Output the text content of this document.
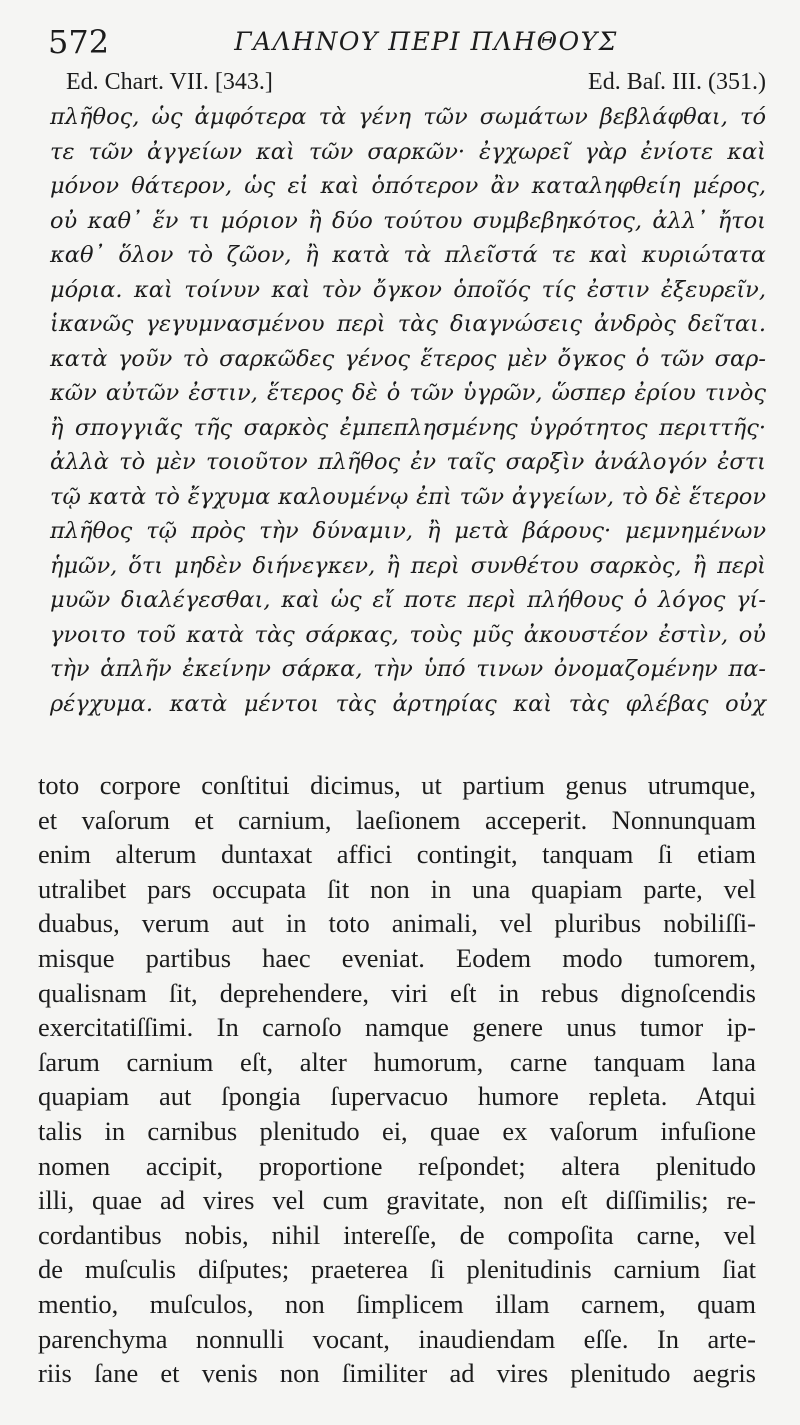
572	ΓΑΛΗΝΟΥ ΠΕΡΙ ΠΛΗΘΟΥΣ
Ed. Chart. VII. [343.]	Ed. Baſ. III. (351.)
πλῆθος, ὡς ἀμφότερα τὰ γένη τῶν σωμάτων βεβλάφθαι, τό
τε τῶν ἀγγείων καὶ τῶν σαρκῶν· ἐγχωρεῖ γὰρ ἐνίοτε καὶ
μόνον θάτερον, ὡς εἰ καὶ ὁπότερον ἂν καταληφθείη μέρος,
οὐ καθ᾽ ἕν τι μόριον ἢ δύο τούτου συμβεβηκότος, ἀλλ᾽ ἤτοι
καθ᾽ ὅλον τὸ ζῶον, ἢ κατὰ τὰ πλεῖστά τε καὶ κυριώτατα
μόρια. καὶ τοίνυν καὶ τὸν ὄγκον ὁποῖός τίς ἐστιν ἐξευρεῖν,
ἱκανῶς γεγυμνασμένου περὶ τὰς διαγνώσεις ἀνδρὸς δεῖται.
κατὰ γοῦν τὸ σαρκῶδες γένος ἕτερος μὲν ὄγκος ὁ τῶν σαρ-
κῶν αὐτῶν ἐστιν, ἕτερος δὲ ὁ τῶν ὑγρῶν, ὥσπερ ἐρίου τινὸς
ἢ σπογγιᾶς τῆς σαρκὸς ἐμπεπλησμένης ὑγρότητος περιττῆς·
ἀλλὰ τὸ μὲν τοιοῦτον πλῆθος ἐν ταῖς σαρξὶν ἀνάλογόν ἐστι
τῷ κατὰ τὸ ἔγχυμα καλουμένῳ ἐπὶ τῶν ἀγγείων, τὸ δὲ ἕτερον
πλῆθος τῷ πρὸς τὴν δύναμιν, ἢ μετὰ βάρους· μεμνημένων
ἡμῶν, ὅτι μηδὲν διήνεγκεν, ἢ περὶ συνθέτου σαρκὸς, ἢ περὶ
μυῶν διαλέγεσθαι, καὶ ὡς εἴ ποτε περὶ πλήθους ὁ λόγος γί-
γνοιτο τοῦ κατὰ τὰς σάρκας, τοὺς μῦς ἀκουστέον ἐστὶν, οὐ
τὴν ἁπλῆν ἐκείνην σάρκα, τὴν ὑπό τινων ὀνομαζομένην πα-
ρέγχυμα. κατὰ μέντοι τὰς ἀρτηρίας καὶ τὰς φλέβας οὐχ
toto corpore conſtitui dicimus, ut partium genus utrumque,
et vaſorum et carnium, laeſionem acceperit. Nonnunquam
enim alterum duntaxat affici contingit, tanquam ſi etiam
utralibet pars occupata ſit non in una quapiam parte, vel
duabus, verum aut in toto animali, vel pluribus nobiliſſi-
misque partibus haec eveniat. Eodem modo tumorem,
qualisnam ſit, deprehendere, viri eſt in rebus dignoſcendis
exercitatiſſimi. In carnoſo namque genere unus tumor ip-
ſarum carnium eſt, alter humorum, carne tanquam lana
quapiam aut ſpongia ſupervacuo humore repleta. Atqui
talis in carnibus plenitudo ei, quae ex vaſorum infuſione
nomen accipit, proportione reſpondet; altera plenitudo
illi, quae ad vires vel cum gravitate, non eſt diſſimilis; re-
cordantibus nobis, nihil intereſſe, de compoſita carne, vel
de muſculis diſputes; praeterea ſi plenitudinis carnium ſiat
mentio, muſculos, non ſimplicem illam carnem, quam
parenchyma nonnulli vocant, inaudiendam eſſe. In arte-
riis ſane et venis non ſimiliter ad vires plenitudo aegris
